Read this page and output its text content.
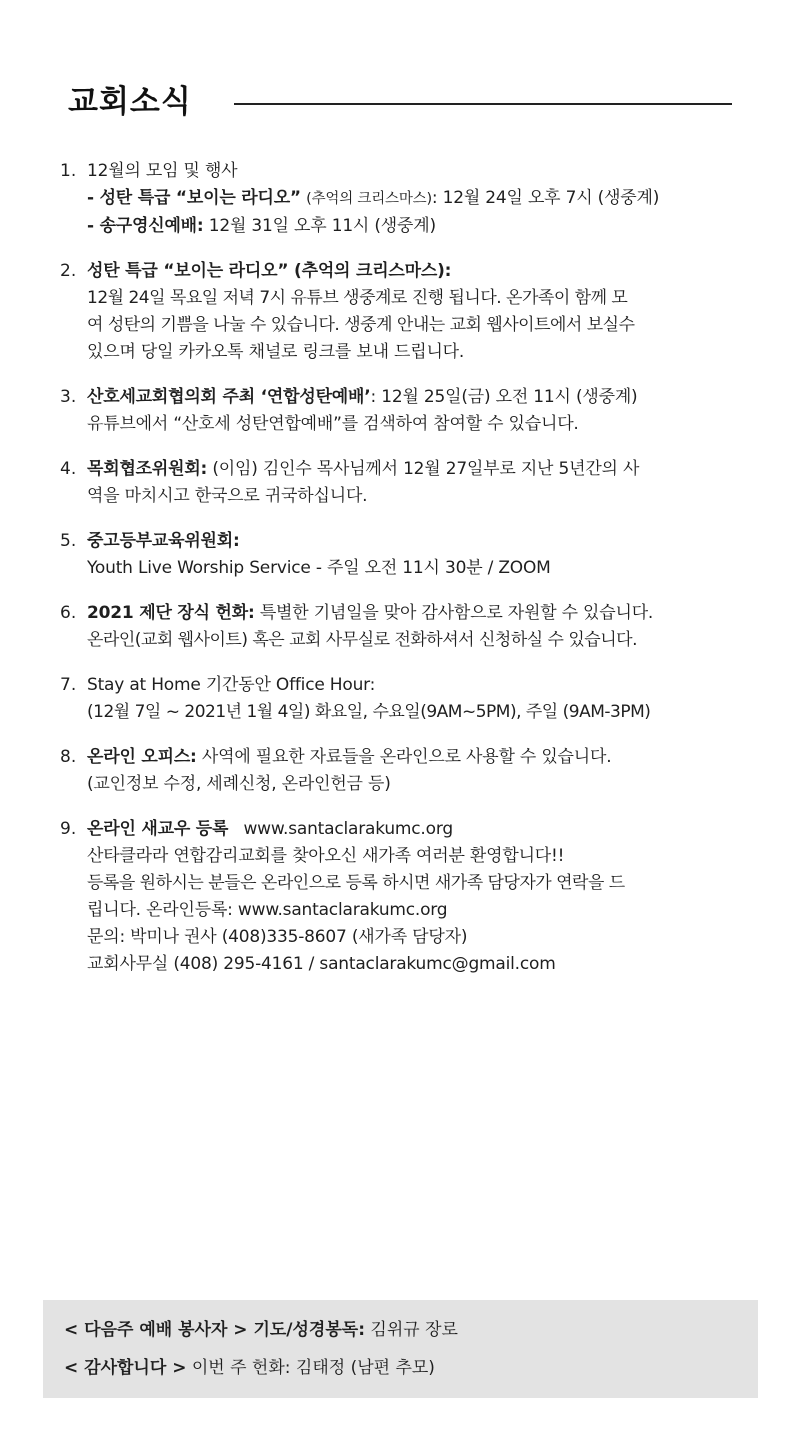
교회소식
1. 12월의 모임 및 행사
- 성탄 특급 “보이는 라디오” (추억의 크리스마스): 12월 24일 오후 7시 (생중계)
- 송구영신예배: 12월 31일 오후 11시 (생중계)
2. 성탄 특급 “보이는 라디오” (추억의 크리스마스):
12월 24일 목요일 저녁 7시 유튜브 생중계로 진행 됩니다. 온가족이 함께 모
여 성탄의 기쁨을 나눌 수 있습니다. 생중계 안내는 교회 웹사이트에서 보실수
있으며 당일 카카오톡 채널로 링크를 보내 드립니다.
3. 산호세교회협의회 주최 ‘연합성탄예배’: 12월 25일(금) 오전 11시 (생중계)
유튜브에서 “산호세 성탄연합예배”를 검색하여 참여할 수 있습니다.
4. 목회협조위원회: (이임) 김인수 목사님께서 12월 27일부로 지난 5년간의 사
역을 마치시고 한국으로 귀국하십니다.
5. 중고등부교육위원회:
Youth Live Worship Service - 주일 오전 11시 30분 / ZOOM
6. 2021 제단 장식 헌화: 특별한 기념일을 맞아 감사함으로 자원할 수 있습니다.
온라인(교회 웹사이트) 혹은 교회 사무실로 전화하셔서 신청하실 수 있습니다.
7. Stay at Home 기간동안 Office Hour:
(12월 7일 ~ 2021년 1월 4일) 화요일, 수요일(9AM~5PM), 주일 (9AM-3PM)
8. 온라인 오피스: 사역에 필요한 자료들을 온라인으로 사용할 수 있습니다.
(교인정보 수정, 세례신청, 온라인헌금 등)
9. 온라인 새교우 등록 www.santaclarakumc.org
산타클라라 연합감리교회를 찾아오신 새가족 여러분 환영합니다!!
등록을 원하시는 분들은 온라인으로 등록 하시면 새가족 담당자가 연락을 드
립니다. 온라인등록: www.santaclarakumc.org
문의: 박미나 권사 (408)335-8607 (새가족 담당자)
교회사무실 (408) 295-4161 / santaclarakumc@gmail.com
< 다음주 예배 봉사자 > 기도/성경봉독: 김위규 장로
< 감사합니다 > 이번 주 헌화: 김태정 (남편 추모)
